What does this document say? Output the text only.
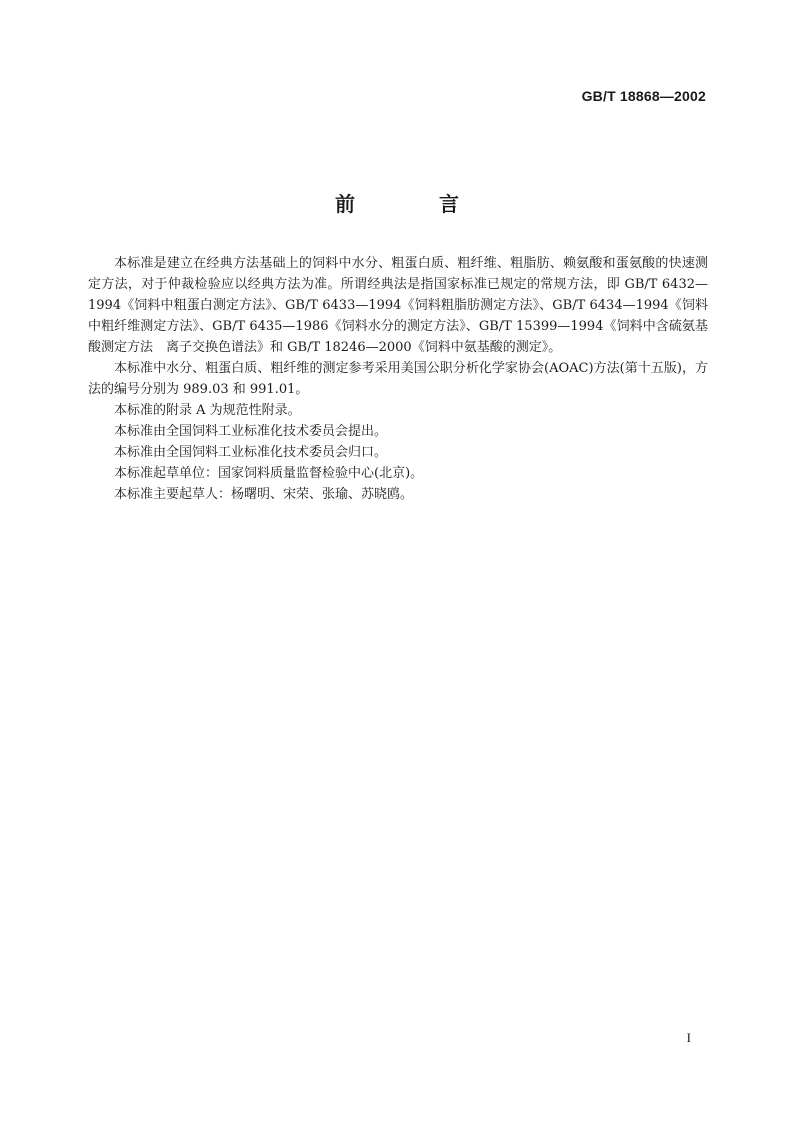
GB/T 18868—2002
前　言

本标准是建立在经典方法基础上的饲料中水分、粗蛋白质、粗纤维、粗脂肪、赖氨酸和蛋氨酸的快速测定方法，对于仲裁检验应以经典方法为准。所谓经典法是指国家标准已规定的常规方法，即 GB/T 6432—1994《饲料中粗蛋白测定方法》、GB/T 6433—1994《饲料粗脂肪测定方法》、GB/T 6434—1994《饲料中粗纤维测定方法》、GB/T 6435—1986《饲料水分的测定方法》、GB/T 15399—1994《饲料中含硫氨基酸测定方法　离子交换色谱法》和 GB/T 18246—2000《饲料中氨基酸的测定》。

本标准中水分、粗蛋白质、粗纤维的测定参考采用美国公职分析化学家协会(AOAC)方法(第十五版)，方法的编号分别为 989.03 和 991.01。

本标准的附录 A 为规范性附录。

本标准由全国饲料工业标准化技术委员会提出。

本标准由全国饲料工业标准化技术委员会归口。

本标准起草单位：国家饲料质量监督检验中心(北京)。

本标准主要起草人：杨曙明、宋荣、张瑜、苏晓鸥。

I
